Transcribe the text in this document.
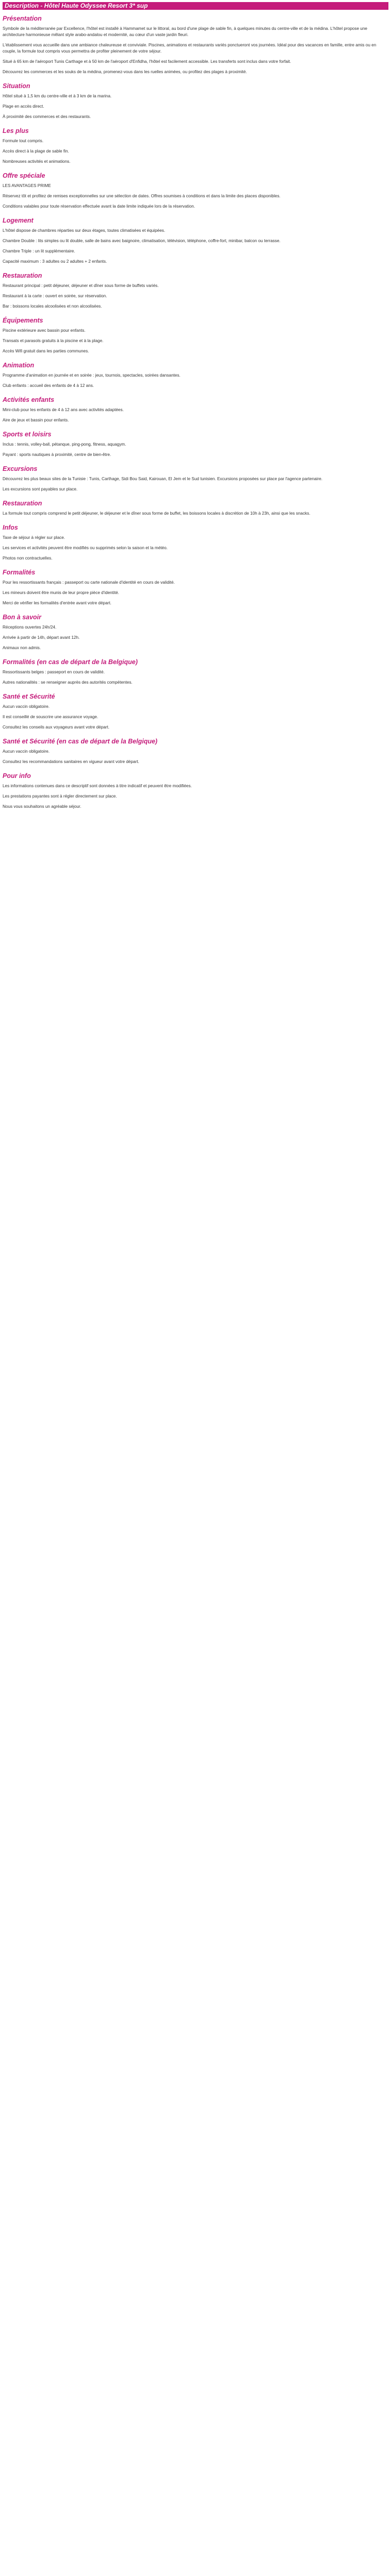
Description - Hôtel Haute Odyssee Resort 3* sup
Présentation

Symbole de la méditerranée par Excellence, l'hôtel est installé à Hammamet sur le littoral, au bord d'une plage de sable fin, à quelques minutes du centre-ville et de la médina. L'hôtel propose une architecture harmonieuse mêlant style arabo-andalou et modernité, au cœur d'un vaste jardin fleuri.

L'établissement vous accueille dans une ambiance chaleureuse et conviviale. Piscines, animations et restaurants variés ponctueront vos journées. Idéal pour des vacances en famille, entre amis ou en couple, la formule tout compris vous permettra de profiter pleinement de votre séjour.

Situé à 65 km de l'aéroport Tunis Carthage et à 50 km de l'aéroport d'Enfidha, l'hôtel est facilement accessible. Les transferts sont inclus dans votre forfait.

Découvrez les commerces et les souks de la médina, promenez-vous dans les ruelles animées, ou profitez des plages à proximité.

Situation

Hôtel situé à 1,5 km du centre-ville et à 3 km de la marina.

Plage en accès direct.

À proximité des commerces et des restaurants.

Les plus

Formule tout compris.

Accès direct à la plage de sable fin.

Nombreuses activités et animations.

Offre spéciale

LES AVANTAGES PRIME

Réservez tôt et profitez de remises exceptionnelles sur une sélection de dates. Offres soumises à conditions et dans la limite des places disponibles.

Conditions valables pour toute réservation effectuée avant la date limite indiquée lors de la réservation.

Logement

L'hôtel dispose de chambres réparties sur deux étages, toutes climatisées et équipées.

Chambre Double : lits simples ou lit double, salle de bains avec baignoire, climatisation, télévision, téléphone, coffre-fort, minibar, balcon ou terrasse.

Chambre Triple : un lit supplémentaire.

Capacité maximum : 3 adultes ou 2 adultes + 2 enfants.

Restauration

Restaurant principal : petit déjeuner, déjeuner et dîner sous forme de buffets variés.

Restaurant à la carte : ouvert en soirée, sur réservation.

Bar : boissons locales alcoolisées et non alcoolisées.

Équipements

Piscine extérieure avec bassin pour enfants.

Transats et parasols gratuits à la piscine et à la plage.

Accès Wifi gratuit dans les parties communes.

Animation

Programme d'animation en journée et en soirée : jeux, tournois, spectacles, soirées dansantes.

Club enfants : accueil des enfants de 4 à 12 ans.

Activités enfants

Mini-club pour les enfants de 4 à 12 ans avec activités adaptées.

Aire de jeux et bassin pour enfants.

Sports et loisirs

Inclus : tennis, volley-ball, pétanque, ping-pong, fitness, aquagym.

Payant : sports nautiques à proximité, centre de bien-être.

Excursions

Découvrez les plus beaux sites de la Tunisie : Tunis, Carthage, Sidi Bou Said, Kairouan, El Jem et le Sud tunisien. Excursions proposées sur place par l'agence partenaire.

Les excursions sont payables sur place.

Restauration

La formule tout compris comprend le petit déjeuner, le déjeuner et le dîner sous forme de buffet, les boissons locales à discrétion de 10h à 23h, ainsi que les snacks.

Infos

Taxe de séjour à régler sur place.

Les services et activités peuvent être modifiés ou supprimés selon la saison et la météo.

Photos non contractuelles.

Formalités

Pour les ressortissants français : passeport ou carte nationale d'identité en cours de validité.

Les mineurs doivent être munis de leur propre pièce d'identité.

Merci de vérifier les formalités d'entrée avant votre départ.

Bon à savoir

Réceptions ouvertes 24h/24.

Arrivée à partir de 14h, départ avant 12h.

Animaux non admis.

Formalités (en cas de départ de la Belgique)

Ressortissants belges : passeport en cours de validité.

Autres nationalités : se renseigner auprès des autorités compétentes.

Santé et Sécurité

Aucun vaccin obligatoire.

Il est conseillé de souscrire une assurance voyage.

Consultez les conseils aux voyageurs avant votre départ.

Santé et Sécurité (en cas de départ de la Belgique)

Aucun vaccin obligatoire.

Consultez les recommandations sanitaires en vigueur avant votre départ.

Pour info

Les informations contenues dans ce descriptif sont données à titre indicatif et peuvent être modifiées.

Les prestations payantes sont à régler directement sur place.

Nous vous souhaitons un agréable séjour.
